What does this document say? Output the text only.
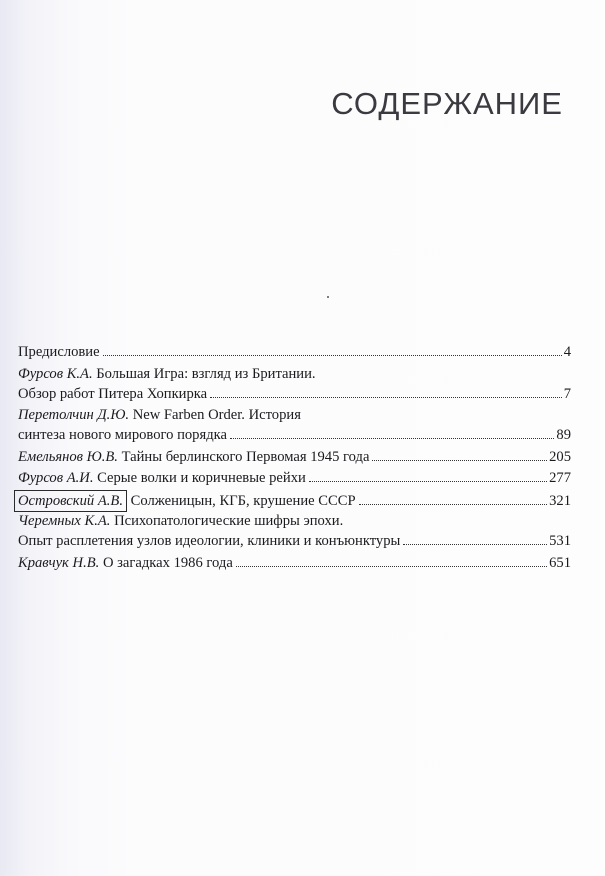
СОДЕРЖАНИЕ
Предисловие	4
Фурсов К.А.
Большая Игра: взгляд из Британии.
Обзор работ Питера Хопкирка	7
Перетолчин Д.Ю.
New Farben Order. История
синтеза нового мирового порядка	89
Емельянов Ю.В.
Тайны берлинского Первомая 1945 года	205
Фурсов А.И.
Серые волки и коричневые рейхи	277
Островский А.В.
Солженицын, КГБ, крушение СССР	321
Черемных К.А.
Психопатологические шифры эпохи.
Опыт расплетения узлов идеологии, клиники и конъюнктуры	531
Кравчук Н.В.
О загадках 1986 года	651
